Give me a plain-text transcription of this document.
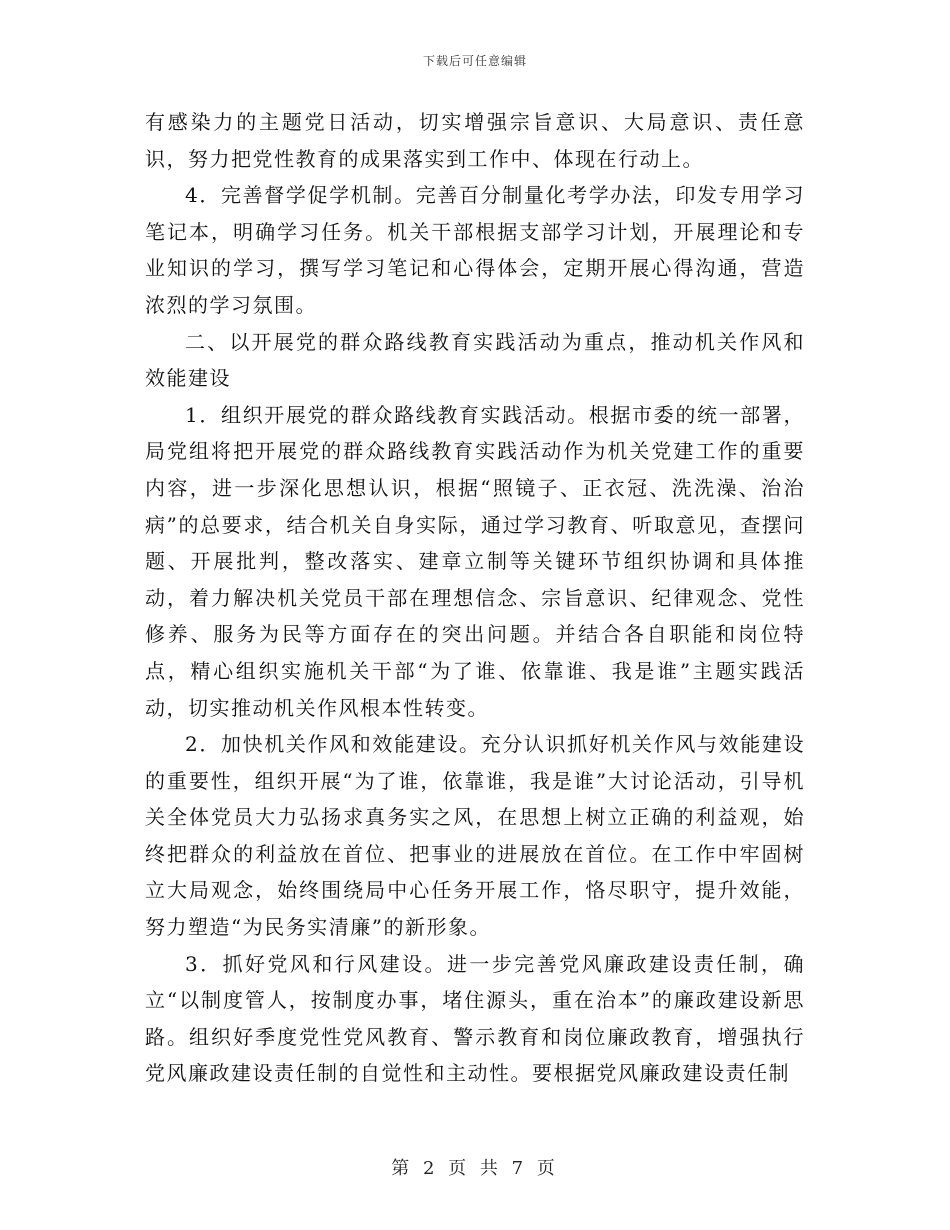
下载后可任意编辑

有感染力的主题党日活动，切实增强宗旨意识、大局意识、责任意识，努力把党性教育的成果落实到工作中、体现在行动上。

4．完善督学促学机制。完善百分制量化考学办法，印发专用学习笔记本，明确学习任务。机关干部根据支部学习计划，开展理论和专业知识的学习，撰写学习笔记和心得体会，定期开展心得沟通，营造浓烈的学习氛围。

二、以开展党的群众路线教育实践活动为重点，推动机关作风和效能建设

1．组织开展党的群众路线教育实践活动。根据市委的统一部署，局党组将把开展党的群众路线教育实践活动作为机关党建工作的重要内容，进一步深化思想认识，根据“照镜子、正衣冠、洗洗澡、治治病”的总要求，结合机关自身实际，通过学习教育、听取意见，查摆问题、开展批判，整改落实、建章立制等关键环节组织协调和具体推动，着力解决机关党员干部在理想信念、宗旨意识、纪律观念、党性修养、服务为民等方面存在的突出问题。并结合各自职能和岗位特点，精心组织实施机关干部“为了谁、依靠谁、我是谁”主题实践活动，切实推动机关作风根本性转变。

2．加快机关作风和效能建设。充分认识抓好机关作风与效能建设的重要性，组织开展“为了谁，依靠谁，我是谁”大讨论活动，引导机关全体党员大力弘扬求真务实之风，在思想上树立正确的利益观，始终把群众的利益放在首位、把事业的进展放在首位。在工作中牢固树立大局观念，始终围绕局中心任务开展工作，恪尽职守，提升效能，努力塑造“为民务实清廉”的新形象。

3．抓好党风和行风建设。进一步完善党风廉政建设责任制，确立“以制度管人，按制度办事，堵住源头，重在治本”的廉政建设新思路。组织好季度党性党风教育、警示教育和岗位廉政教育，增强执行党风廉政建设责任制的自觉性和主动性。要根据党风廉政建设责任制

第 2 页 共 7 页
